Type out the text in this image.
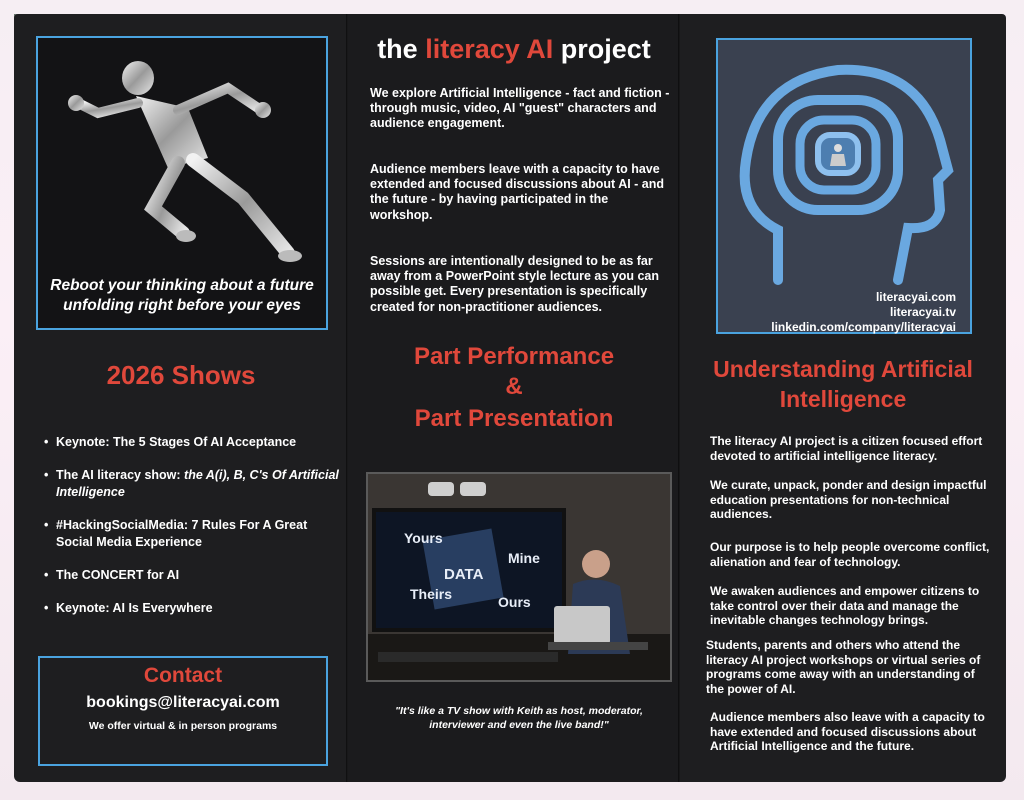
Reboot your thinking about a future
unfolding right before your eyes
2026 Shows
• Keynote: The 5 Stages Of AI Acceptance
• The AI literacy show: the A(i), B, C's Of Artificial Intelligence
• #HackingSocialMedia: 7 Rules For A Great Social Media Experience
• The CONCERT for AI
• Keynote: AI Is Everywhere
Contact
bookings@literacyai.com
We offer virtual & in person programs
the literacy AI project

We explore Artificial Intelligence - fact and fiction - through music, video, AI "guest" characters and audience engagement.

Audience members leave with a capacity to have extended and focused discussions about AI - and the future - by having participated in the workshop.

Sessions are intentionally designed to be as far away from a PowerPoint style lecture as you can possible get. Every presentation is specifically created for non-practitioner audiences.

Part Performance
&
Part Presentation
Yours
Mine
DATA
Theirs	Ours
"It's like a TV show with Keith as host, moderator,
interviewer and even the live band!"
literacyai.com
literacyai.tv
linkedin.com/company/literacyai
Understanding Artificial
Intelligence

The literacy AI project is a citizen focused effort devoted to artificial intelligence literacy.

We curate, unpack, ponder and design impactful education presentations for non-technical audiences.

Our purpose is to help people overcome conflict, alienation and fear of technology.

We awaken audiences and empower citizens to take control over their data and manage the inevitable changes technology brings.

Students, parents and others who attend the literacy AI project workshops or virtual series of programs come away with an understanding of the power of AI.

Audience members also leave with a capacity to have extended and focused discussions about Artificial Intelligence and the future.
